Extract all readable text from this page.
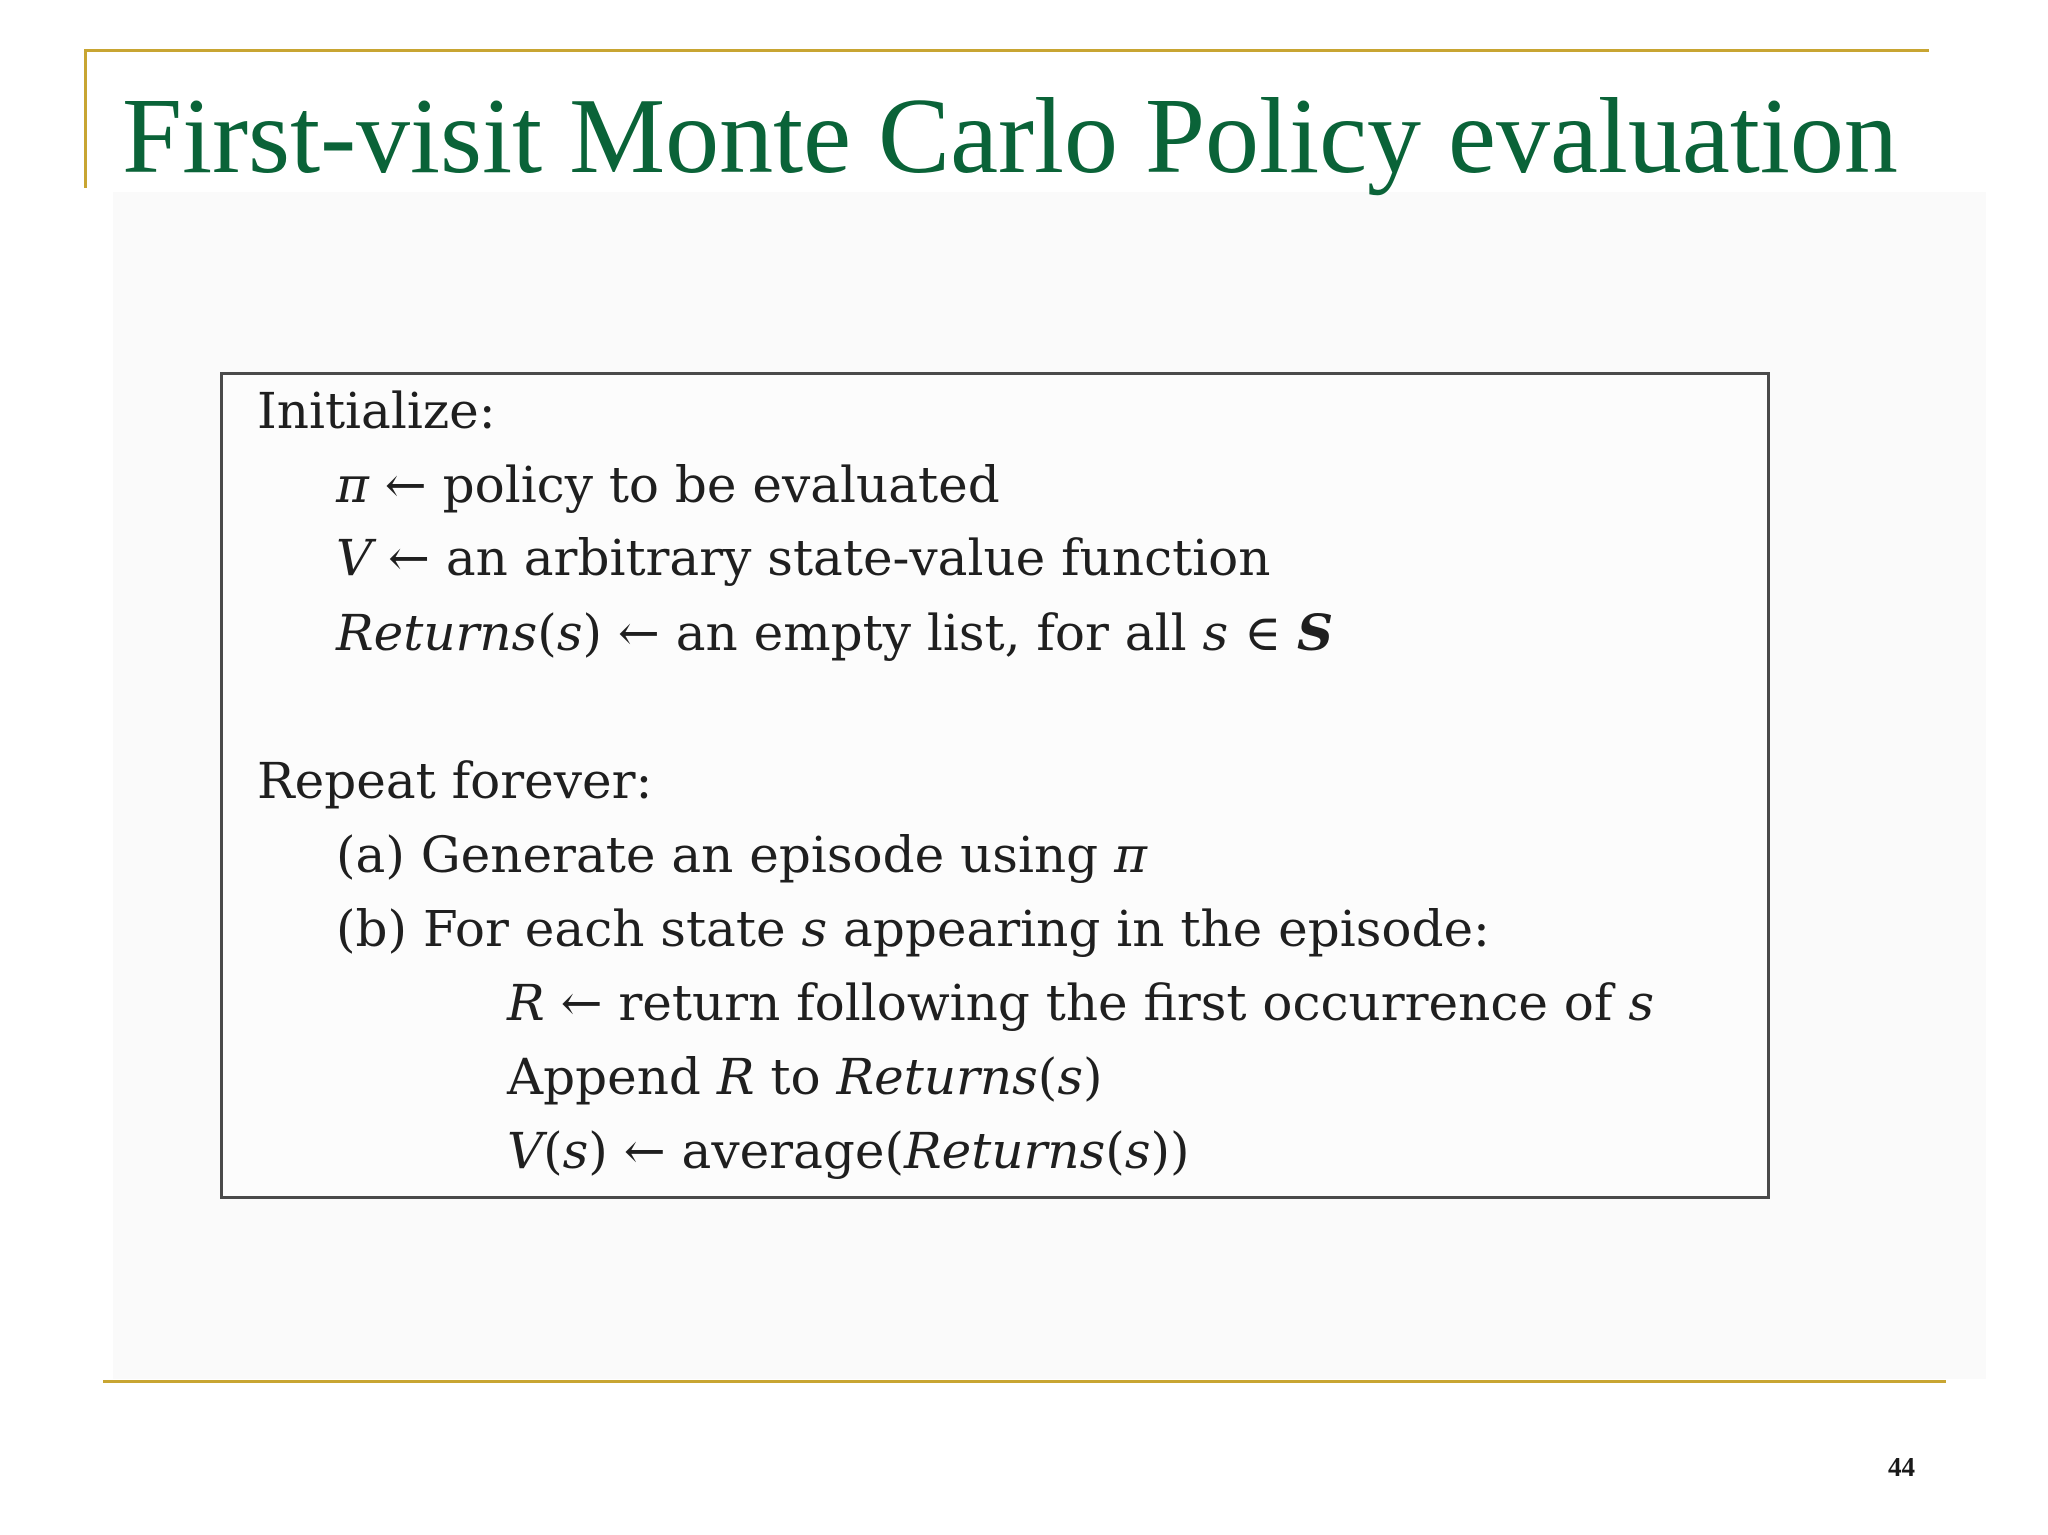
First-visit Monte Carlo Policy evaluation
Initialize:
π ← policy to be evaluated
V ← an arbitrary state-value function
Returns(s) ← an empty list, for all s ∈ S
Repeat forever:
(a) Generate an episode using π
(b) For each state s appearing in the episode:
R ← return following the first occurrence of s
Append R to Returns(s)
V(s) ← average(Returns(s))
44
